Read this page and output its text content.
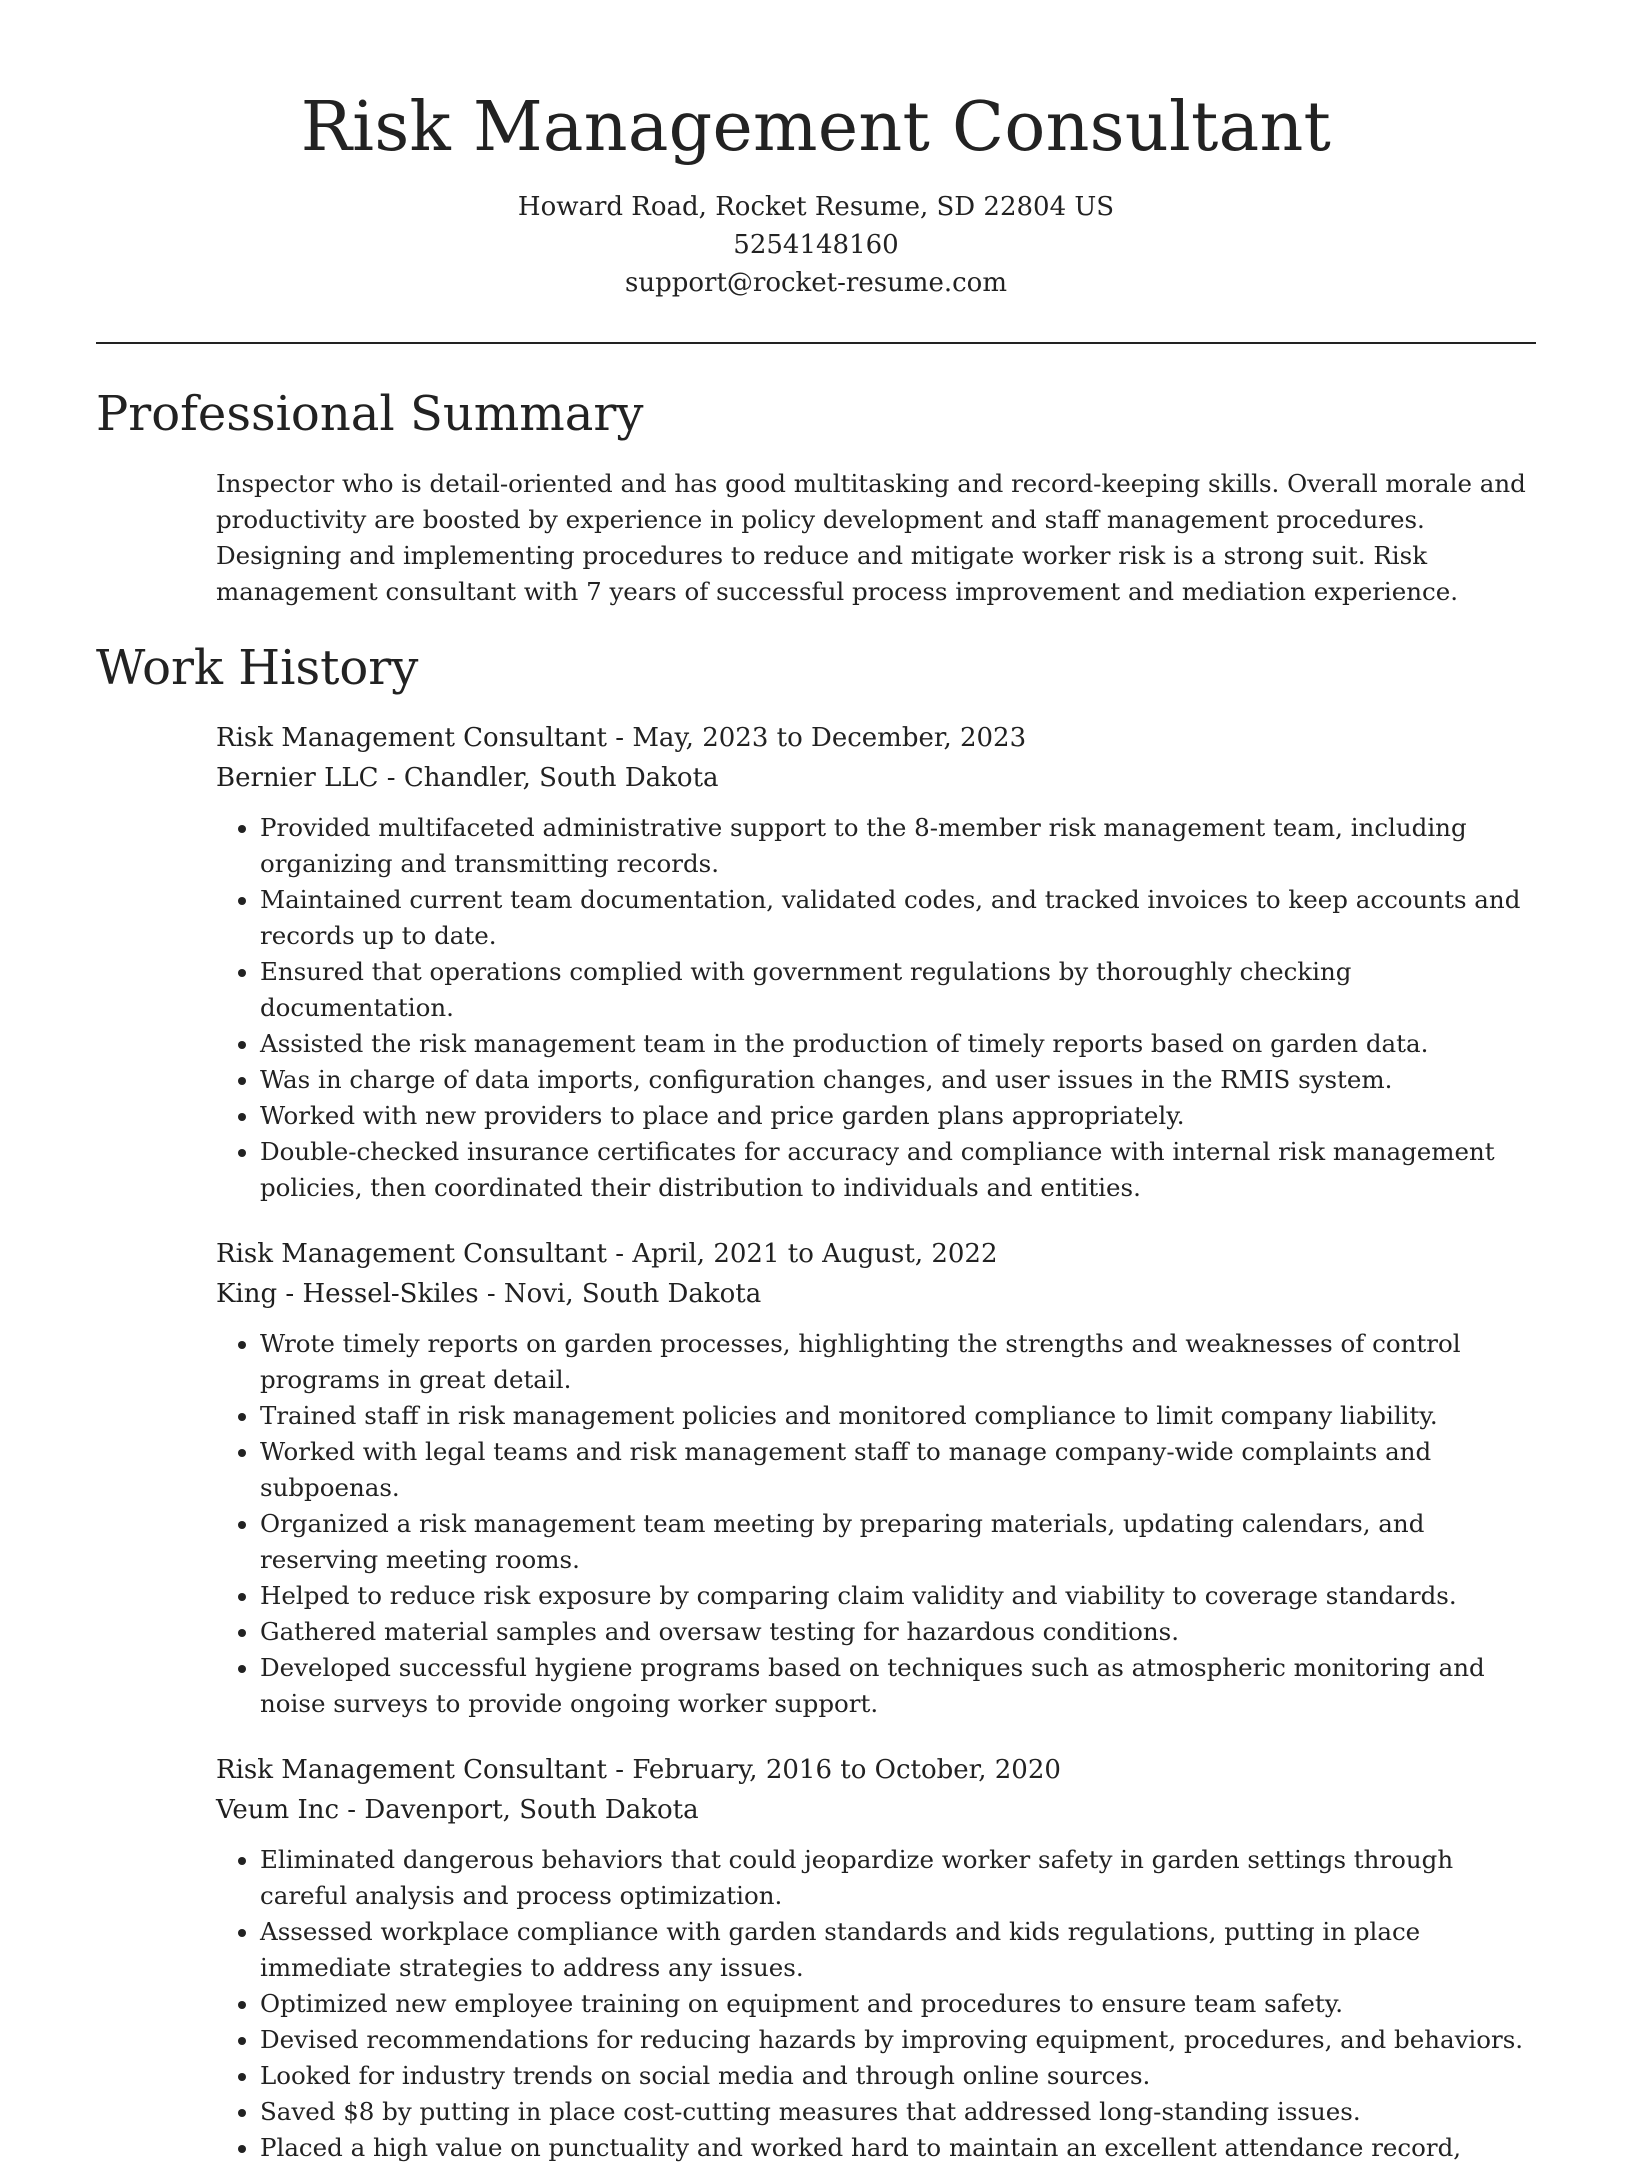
Risk Management Consultant
Howard Road, Rocket Resume, SD 22804 US
5254148160
support@rocket-resume.com
Professional Summary

Inspector who is detail-oriented and has good multitasking and record-keeping skills. Overall morale and productivity are boosted by experience in policy development and staff management procedures. Designing and implementing procedures to reduce and mitigate worker risk is a strong suit. Risk management consultant with 7 years of successful process improvement and mediation experience.

Work History
Risk Management Consultant - May, 2023 to December, 2023
Bernier LLC - Chandler, South Dakota
• Provided multifaceted administrative support to the 8-member risk management team, including organizing and transmitting records.
• Maintained current team documentation, validated codes, and tracked invoices to keep accounts and records up to date.
• Ensured that operations complied with government regulations by thoroughly checking documentation.
• Assisted the risk management team in the production of timely reports based on garden data.
• Was in charge of data imports, configuration changes, and user issues in the RMIS system.
• Worked with new providers to place and price garden plans appropriately.
• Double-checked insurance certificates for accuracy and compliance with internal risk management policies, then coordinated their distribution to individuals and entities.
Risk Management Consultant - April, 2021 to August, 2022
King - Hessel-Skiles - Novi, South Dakota
• Wrote timely reports on garden processes, highlighting the strengths and weaknesses of control programs in great detail.
• Trained staff in risk management policies and monitored compliance to limit company liability.
• Worked with legal teams and risk management staff to manage company-wide complaints and subpoenas.
• Organized a risk management team meeting by preparing materials, updating calendars, and reserving meeting rooms.
• Helped to reduce risk exposure by comparing claim validity and viability to coverage standards.
• Gathered material samples and oversaw testing for hazardous conditions.
• Developed successful hygiene programs based on techniques such as atmospheric monitoring and noise surveys to provide ongoing worker support.
Risk Management Consultant - February, 2016 to October, 2020
Veum Inc - Davenport, South Dakota
• Eliminated dangerous behaviors that could jeopardize worker safety in garden settings through careful analysis and process optimization.
• Assessed workplace compliance with garden standards and kids regulations, putting in place immediate strategies to address any issues.
• Optimized new employee training on equipment and procedures to ensure team safety.
• Devised recommendations for reducing hazards by improving equipment, procedures, and behaviors.
• Looked for industry trends on social media and through online sources.
• Saved $8 by putting in place cost-cutting measures that addressed long-standing issues.
• Placed a high value on punctuality and worked hard to maintain an excellent attendance record,
